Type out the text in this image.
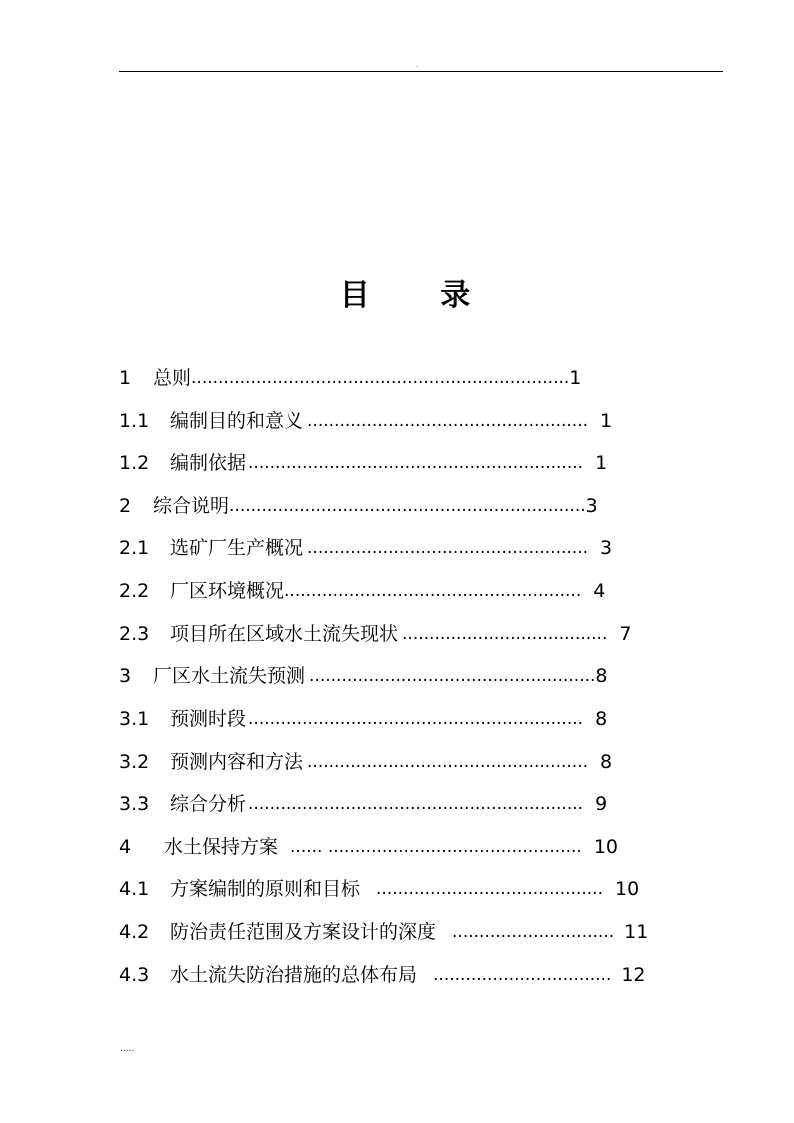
.
目 录
1 总则......................................................................1
1.1 编制目的和意义 .................................................... 1
1.2 编制依据 .............................................................. 1
2 综合说明..................................................................3
2.1 选矿厂生产概况 .................................................... 3
2.2 厂区环境概况....................................................... 4
2.3 项目所在区域水土流失现状 ...................................... 7
3 厂区水土流失预测 .....................................................8
3.1 预测时段 .............................................................. 8
3.2 预测内容和方法 .................................................... 8
3.3 综合分析 .............................................................. 9
4 水土保持方案 ...... ............................................... 10
4.1 方案编制的原则和目标 .......................................... 10
4.2 防治责任范围及方案设计的深度 .............................. 11
4.3 水土流失防治措施的总体布局 ................................. 12
.....
